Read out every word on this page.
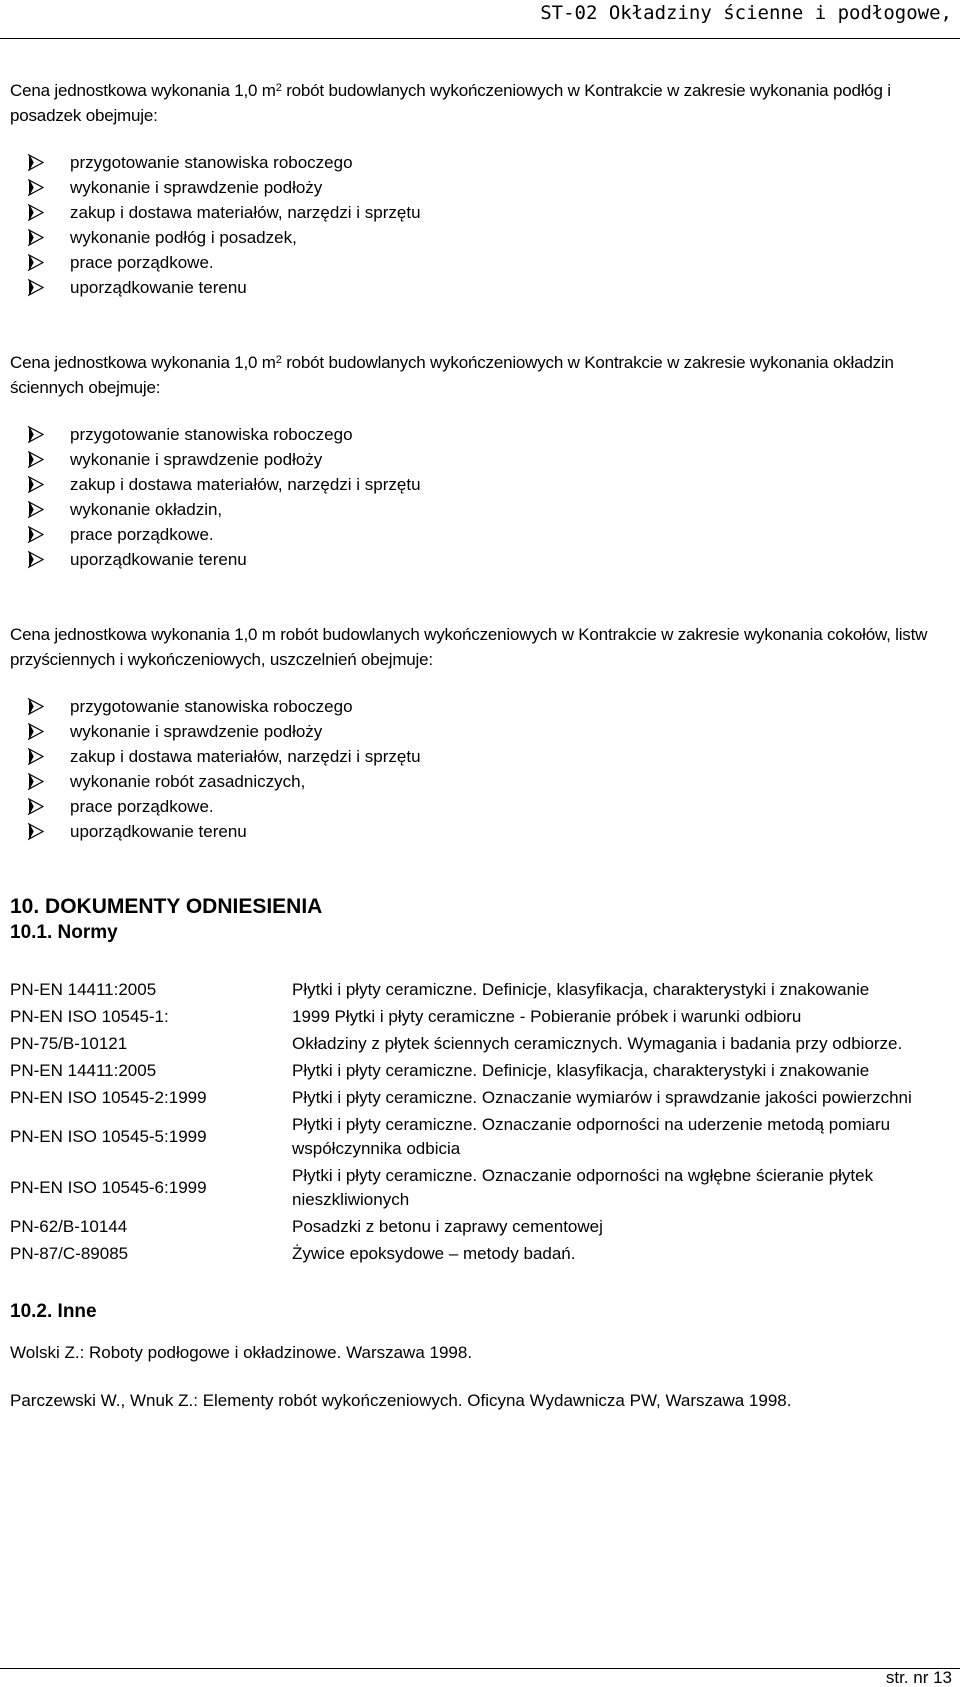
ST-02 Okładziny ścienne i podłogowe,

Cena jednostkowa wykonania 1,0 $m^2$ robót budowlanych wykończeniowych w Kontrakcie w zakresie wykonania podłóg i posadzek obejmuje:

przygotowanie stanowiska roboczego
wykonanie i sprawdzenie podłoży
zakup i dostawa materiałów, narzędzi i sprzętu
wykonanie podłóg i posadzek,
prace porządkowe.
uporządkowanie terenu

Cena jednostkowa wykonania 1,0 $m^2$ robót budowlanych wykończeniowych w Kontrakcie w zakresie wykonania okładzin ściennych obejmuje:

przygotowanie stanowiska roboczego
wykonanie i sprawdzenie podłoży
zakup i dostawa materiałów, narzędzi i sprzętu
wykonanie okładzin,
prace porządkowe.
uporządkowanie terenu

Cena jednostkowa wykonania 1,0 m robót budowlanych wykończeniowych w Kontrakcie w zakresie wykonania cokołów, listw przyściennych i wykończeniowych, uszczelnień obejmuje:

przygotowanie stanowiska roboczego
wykonanie i sprawdzenie podłoży
zakup i dostawa materiałów, narzędzi i sprzętu
wykonanie robót zasadniczych,
prace porządkowe.
uporządkowanie terenu
10. DOKUMENTY ODNIESIENIA
10.1. Normy
PN-EN 14411:2005	Płytki i płyty ceramiczne. Definicje, klasyfikacja, charakterystyki i znakowanie
PN-EN ISO 10545-1:	1999 Płytki i płyty ceramiczne - Pobieranie próbek i warunki odbioru
PN-75/B-10121	Okładziny z płytek ściennych ceramicznych. Wymagania i badania przy odbiorze.
PN-EN 14411:2005	Płytki i płyty ceramiczne. Definicje, klasyfikacja, charakterystyki i znakowanie
PN-EN ISO 10545-2:1999	Płytki i płyty ceramiczne. Oznaczanie wymiarów i sprawdzanie jakości powierzchni
PN-EN ISO 10545-5:1999	Płytki i płyty ceramiczne. Oznaczanie odporności na uderzenie metodą pomiaru współczynnika odbicia
PN-EN ISO 10545-6:1999	Płytki i płyty ceramiczne. Oznaczanie odporności na wgłębne ścieranie płytek nieszkliwionych
PN-62/B-10144	Posadzki z betonu i zaprawy cementowej
PN-87/C-89085	Żywice epoksydowe – metody badań.
10.2. Inne

Wolski Z.: Roboty podłogowe i okładzinowe. Warszawa 1998.

Parczewski W., Wnuk Z.: Elementy robót wykończeniowych. Oficyna Wydawnicza PW, Warszawa 1998.

str. nr 13
